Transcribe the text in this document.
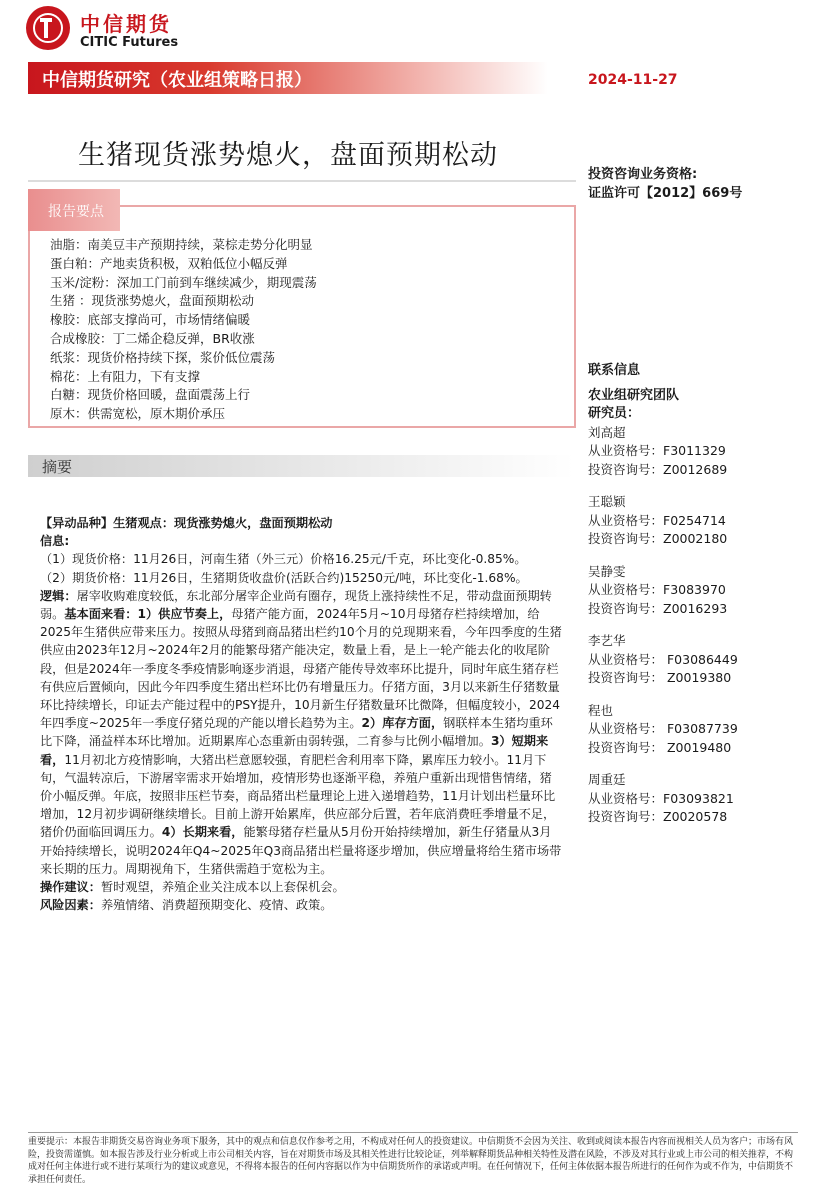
中信期货
CITIC Futures
中信期货研究（农业组策略日报）	2024-11-27
生猪现货涨势熄火，盘面预期松动
投资咨询业务资格:
证监许可【2012】669号
报告要点
油脂：南美豆丰产预期持续，菜棕走势分化明显
蛋白粕：产地卖货积极，双粕低位小幅反弹
玉米/淀粉：深加工门前到车继续减少，期现震荡
生猪 ：现货涨势熄火，盘面预期松动
橡胶：底部支撑尚可，市场情绪偏暖
合成橡胶：丁二烯企稳反弹，BR收涨
纸浆：现货价格持续下探，浆价低位震荡
棉花：上有阻力，下有支撑
白糖：现货价格回暖，盘面震荡上行
原木：供需宽松，原木期价承压
摘要

【异动品种】生猪观点：现货涨势熄火，盘面预期松动

信息:

（1）现货价格：11月26日，河南生猪（外三元）价格16.25元/千克，环比变化-0.85%。

（2）期货价格：11月26日，生猪期货收盘价(活跃合约)15250元/吨，环比变化-1.68%。

逻辑：屠宰收购难度较低，东北部分屠宰企业尚有圈存，现货上涨持续性不足，带动盘面预期转弱。基本面来看：1）供应节奏上，母猪产能方面，2024年5月~10月母猪存栏持续增加，给2025年生猪供应带来压力。按照从母猪到商品猪出栏约10个月的兑现期来看，今年四季度的生猪供应由2023年12月~2024年2月的能繁母猪产能决定，数量上看，是上一轮产能去化的收尾阶段，但是2024年一季度冬季疫情影响逐步消退，母猪产能传导效率环比提升，同时年底生猪存栏有供应后置倾向，因此今年四季度生猪出栏环比仍有增量压力。仔猪方面，3月以来新生仔猪数量环比持续增长，印证去产能过程中的PSY提升，10月新生仔猪数量环比微降，但幅度较小，2024年四季度~2025年一季度仔猪兑现的产能以增长趋势为主。2）库存方面，钢联样本生猪均重环比下降，涌益样本环比增加。近期累库心态重新由弱转强，二育参与比例小幅增加。3）短期来看，11月初北方疫情影响，大猪出栏意愿较强，育肥栏舍利用率下降，累库压力较小。11月下旬，气温转凉后，下游屠宰需求开始增加，疫情形势也逐渐平稳，养殖户重新出现惜售情绪，猪价小幅反弹。年底，按照非压栏节奏，商品猪出栏量理论上进入递增趋势，11月计划出栏量环比增加，12月初步调研继续增长。目前上游开始累库，供应部分后置，若年底消费旺季增量不足，猪价仍面临回调压力。4）长期来看，能繁母猪存栏量从5月份开始持续增加，新生仔猪量从3月开始持续增长，说明2024年Q4~2025年Q3商品猪出栏量将逐步增加，供应增量将给生猪市场带来长期的压力。周期视角下，生猪供需趋于宽松为主。

操作建议：暂时观望，养殖企业关注成本以上套保机会。

风险因素：养殖情绪、消费超预期变化、疫情、政策。

联系信息
农业组研究团队
研究员：
刘高超
从业资格号：F3011329
投资咨询号：Z0012689
王聪颖
从业资格号：F0254714
投资咨询号：Z0002180
吴静雯
从业资格号：F3083970
投资咨询号：Z0016293
李艺华
从业资格号： F03086449
投资咨询号： Z0019380
程也
从业资格号： F03087739
投资咨询号： Z0019480
周重廷
从业资格号：F03093821
投资咨询号：Z0020578
重要提示：本报告非期货交易咨询业务项下服务，其中的观点和信息仅作参考之用，不构成对任何人的投资建议。中信期货不会因为关注、收到或阅读本报告内容而视相关人员为客户；市场有风险，投资需谨慎。如本报告涉及行业分析或上市公司相关内容，旨在对期货市场及其相关性进行比较论证，列举解释期货品种相关特性及潜在风险，不涉及对其行业或上市公司的相关推荐，不构成对任何主体进行或不进行某项行为的建议或意见，不得将本报告的任何内容据以作为中信期货所作的承诺或声明。在任何情况下，任何主体依据本报告所进行的任何作为或不作为，中信期货不承担任何责任。
